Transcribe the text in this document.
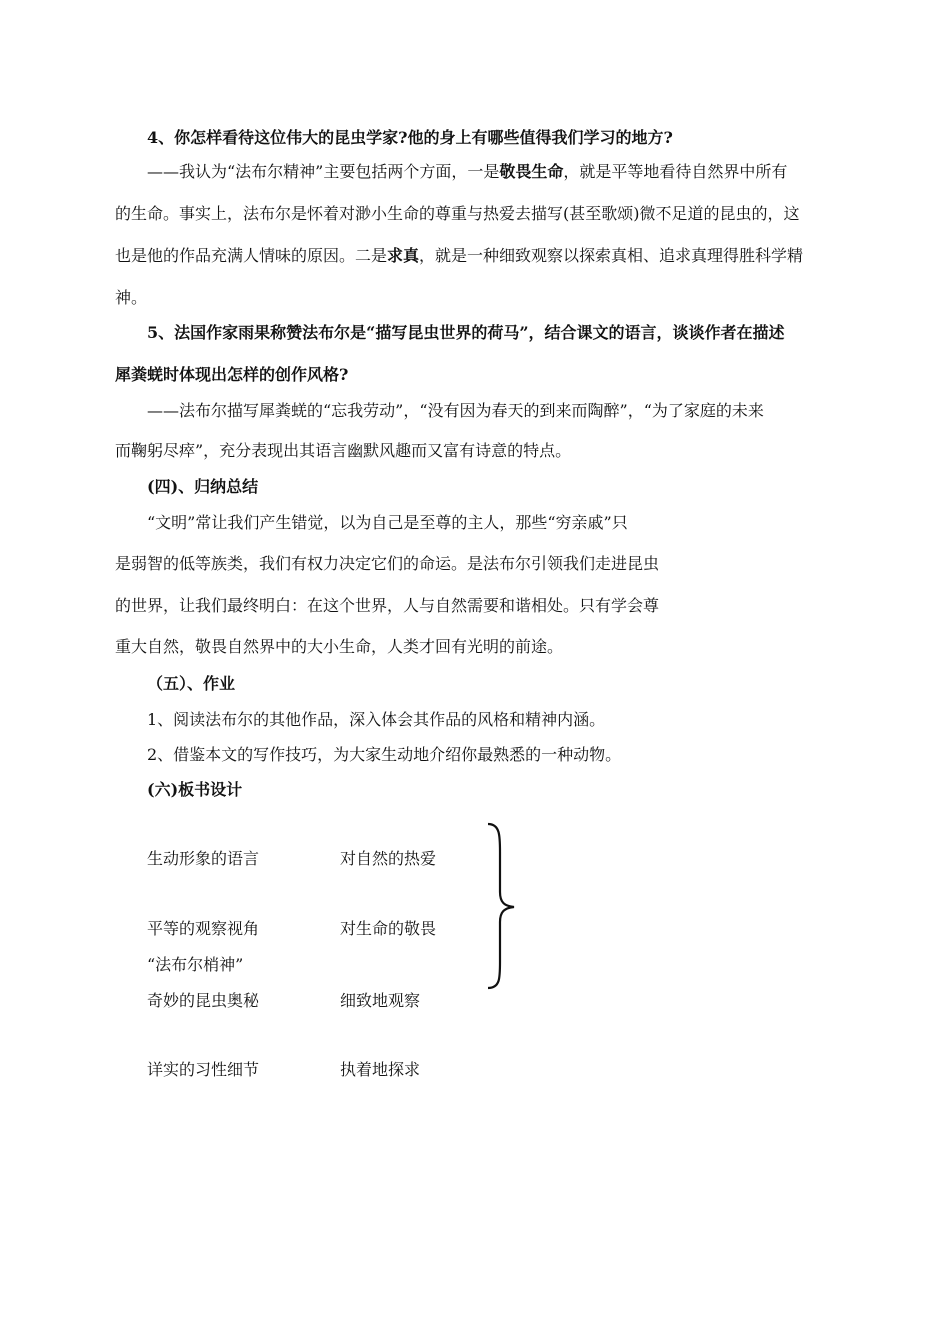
4、你怎样看待这位伟大的昆虫学家?他的身上有哪些值得我们学习的地方?
——我认为“法布尔精神”主要包括两个方面，一是敬畏生命，就是平等地看待自然界中所有
的生命。事实上，法布尔是怀着对渺小生命的尊重与热爱去描写(甚至歌颂)微不足道的昆虫的，这
也是他的作品充满人情味的原因。二是求真，就是一种细致观察以探索真相、追求真理得胜科学精
神。
5、法国作家雨果称赞法布尔是“描写昆虫世界的荷马”，结合课文的语言，谈谈作者在描述
犀粪蜣时体现出怎样的创作风格?
——法布尔描写犀粪蜣的“忘我劳动”，“没有因为春天的到来而陶醉”，“为了家庭的未来
而鞠躬尽瘁”，充分表现出其语言幽默风趣而又富有诗意的特点。
(四)、归纳总结
“文明”常让我们产生错觉，以为自己是至尊的主人，那些“穷亲戚”只
是弱智的低等族类，我们有权力决定它们的命运。是法布尔引领我们走进昆虫
的世界，让我们最终明白：在这个世界，人与自然需要和谐相处。只有学会尊
重大自然，敬畏自然界中的大小生命，人类才回有光明的前途。
（五）、作业
1、阅读法布尔的其他作品，深入体会其作品的风格和精神内涵。
2、借鉴本文的写作技巧，为大家生动地介绍你最熟悉的一种动物。
(六)板书设计
生动形象的语言	对自然的热爱
平等的观察视角	对生命的敬畏
“法布尔梢神”
奇妙的昆虫奥秘	细致地观察
详实的习性细节	执着地探求
